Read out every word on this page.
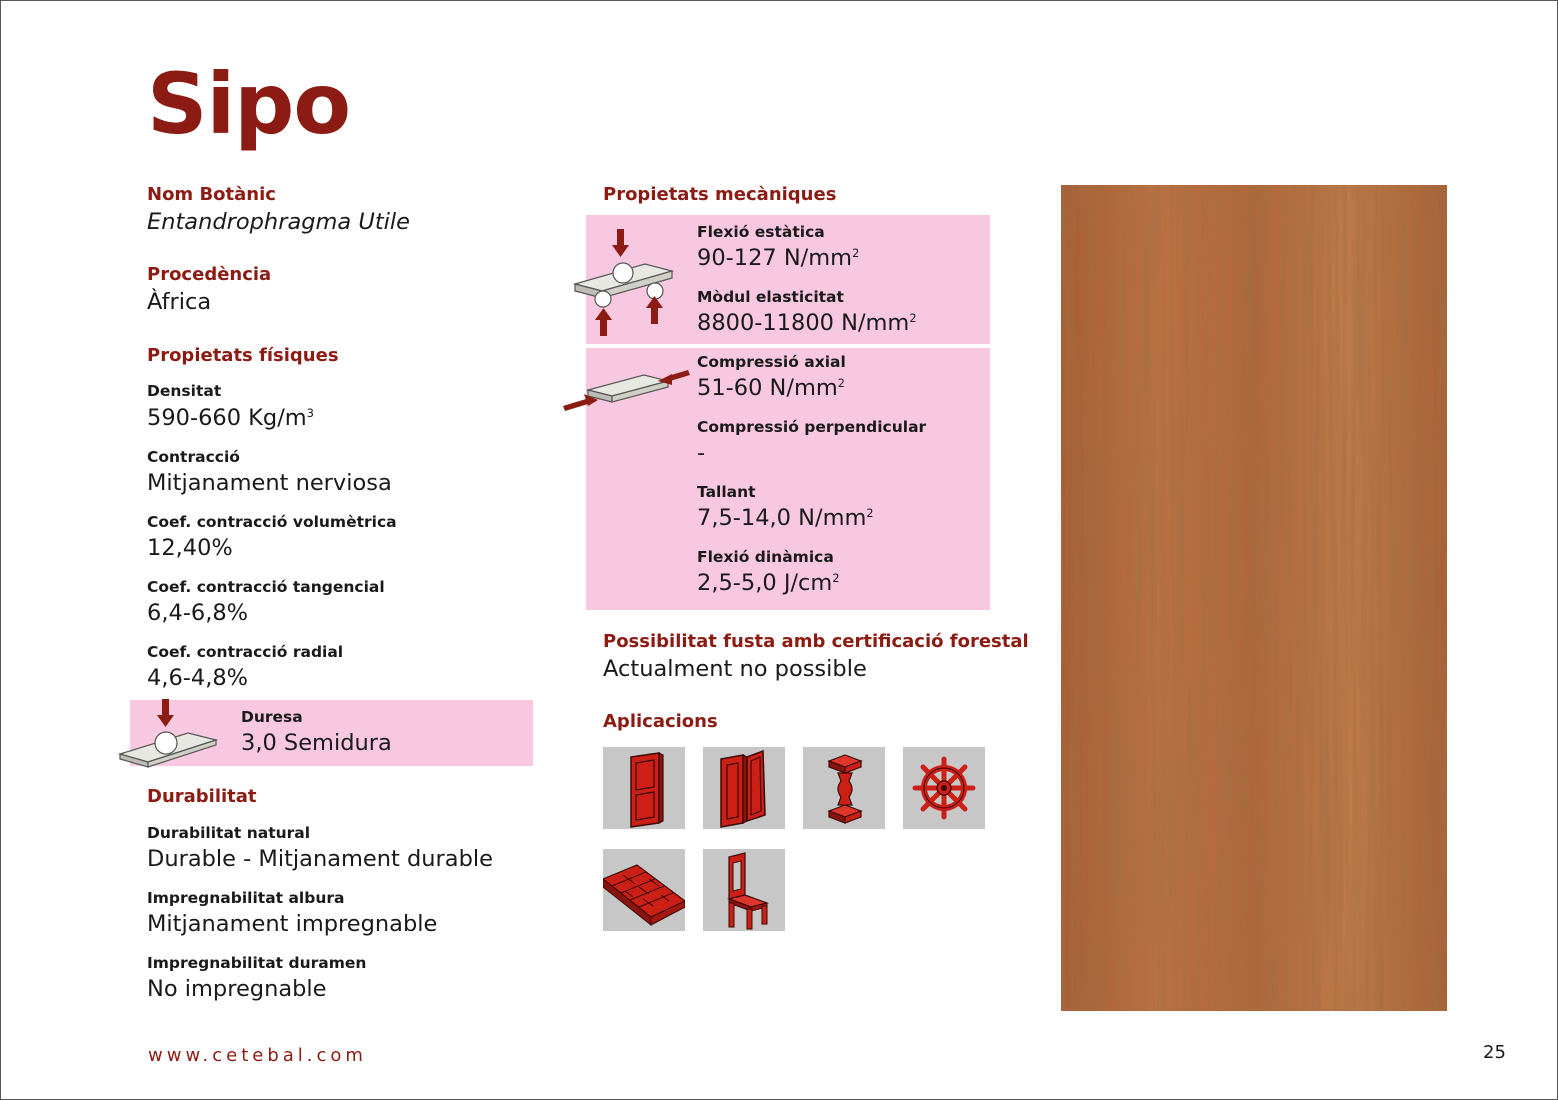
Sipo
Nom Botànic
Entandrophragma Utile
Procedència
Àfrica
Propietats físiques
Densitat
590-660 $Kg/m^3$
Contracció
Mitjanament nerviosa
Coef. contracció volumètrica
12,40%
Coef. contracció tangencial
6,4-6,8%
Coef. contracció radial
4,6-4,8%
Duresa
3,0 Semidura
Durabilitat
Durabilitat natural
Durable - Mitjanament durable
Impregnabilitat albura
Mitjanament impregnable
Impregnabilitat duramen
No impregnable
Propietats mecàniques
Flexió estàtica
90-127 $N/mm^2$
Mòdul elasticitat
8800-11800 $N/mm^2$
Compressió axial
51-60 $N/mm^2$
Compressió perpendicular
-
Tallant
7,5-14,0 $N/mm^2$
Flexió dinàmica
2,5-5,0 $J/cm^2$
Possibilitat fusta amb certificació forestal
Actualment no possible
Aplicacions
www.cetebal.com	25
